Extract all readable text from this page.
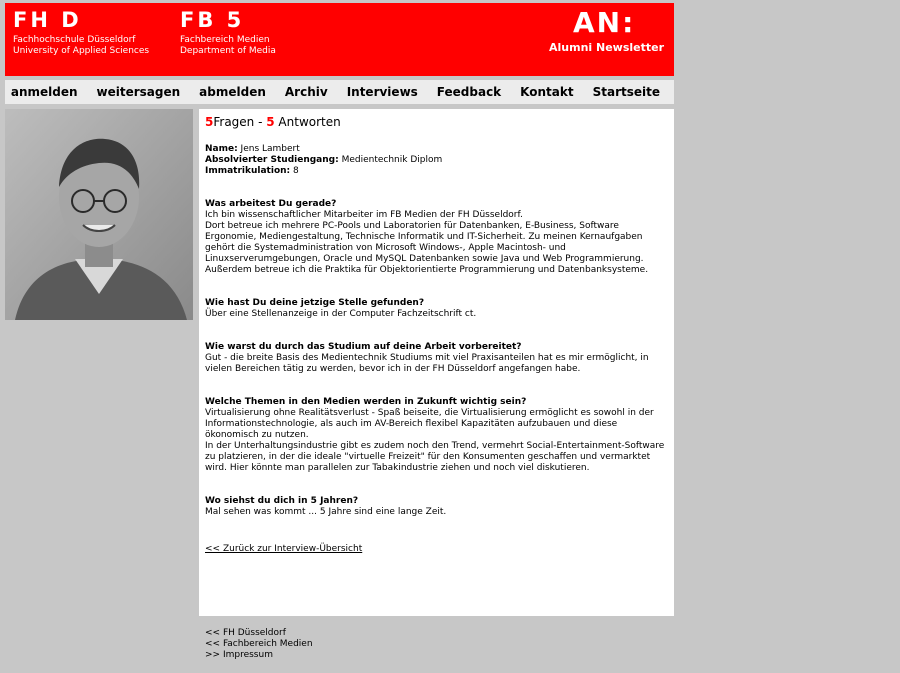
FH D
Fachhochschule Düsseldorf
University of Applied Sciences
FB 5
Fachbereich Medien
Department of Media
AN:
Alumni Newsletter
anmelden weitersagen abmelden Archiv Interviews Feedback Kontakt Startseite
5Fragen - 5 Antworten

Name: Jens Lambert

Absolvierter Studiengang: Medientechnik Diplom

Immatrikulation: 8

Was arbeitest Du gerade?

Ich bin wissenschaftlicher Mitarbeiter im FB Medien der FH Düsseldorf.

Dort betreue ich mehrere PC-Pools und Laboratorien für Datenbanken, E-Business, Software Ergonomie, Mediengestaltung, Technische Informatik und IT-Sicherheit. Zu meinen Kernaufgaben gehört die Systemadministration von Microsoft Windows-, Apple Macintosh- und Linuxserverumgebungen, Oracle und MySQL Datenbanken sowie Java und Web Programmierung.

Außerdem betreue ich die Praktika für Objektorientierte Programmierung und Datenbanksysteme.

Wie hast Du deine jetzige Stelle gefunden?

Über eine Stellenanzeige in der Computer Fachzeitschrift ct.

Wie warst du durch das Studium auf deine Arbeit vorbereitet?

Gut - die breite Basis des Medientechnik Studiums mit viel Praxisanteilen hat es mir ermöglicht, in vielen Bereichen tätig zu werden, bevor ich in der FH Düsseldorf angefangen habe.

Welche Themen in den Medien werden in Zukunft wichtig sein?

Virtualisierung ohne Realitätsverlust - Spaß beiseite, die Virtualisierung ermöglicht es sowohl in der Informationstechnologie, als auch im AV-Bereich flexibel Kapazitäten aufzubauen und diese ökonomisch zu nutzen.

In der Unterhaltungsindustrie gibt es zudem noch den Trend, vermehrt Social-Entertainment-Software zu platzieren, in der die ideale "virtuelle Freizeit" für den Konsumenten geschaffen und vermarktet wird. Hier könnte man parallelen zur Tabakindustrie ziehen und noch viel diskutieren.

Wo siehst du dich in 5 Jahren?

Mal sehen was kommt ... 5 Jahre sind eine lange Zeit.

<< Zurück zur Interview-Übersicht
<< FH Düsseldorf
<< Fachbereich Medien
>> Impressum
